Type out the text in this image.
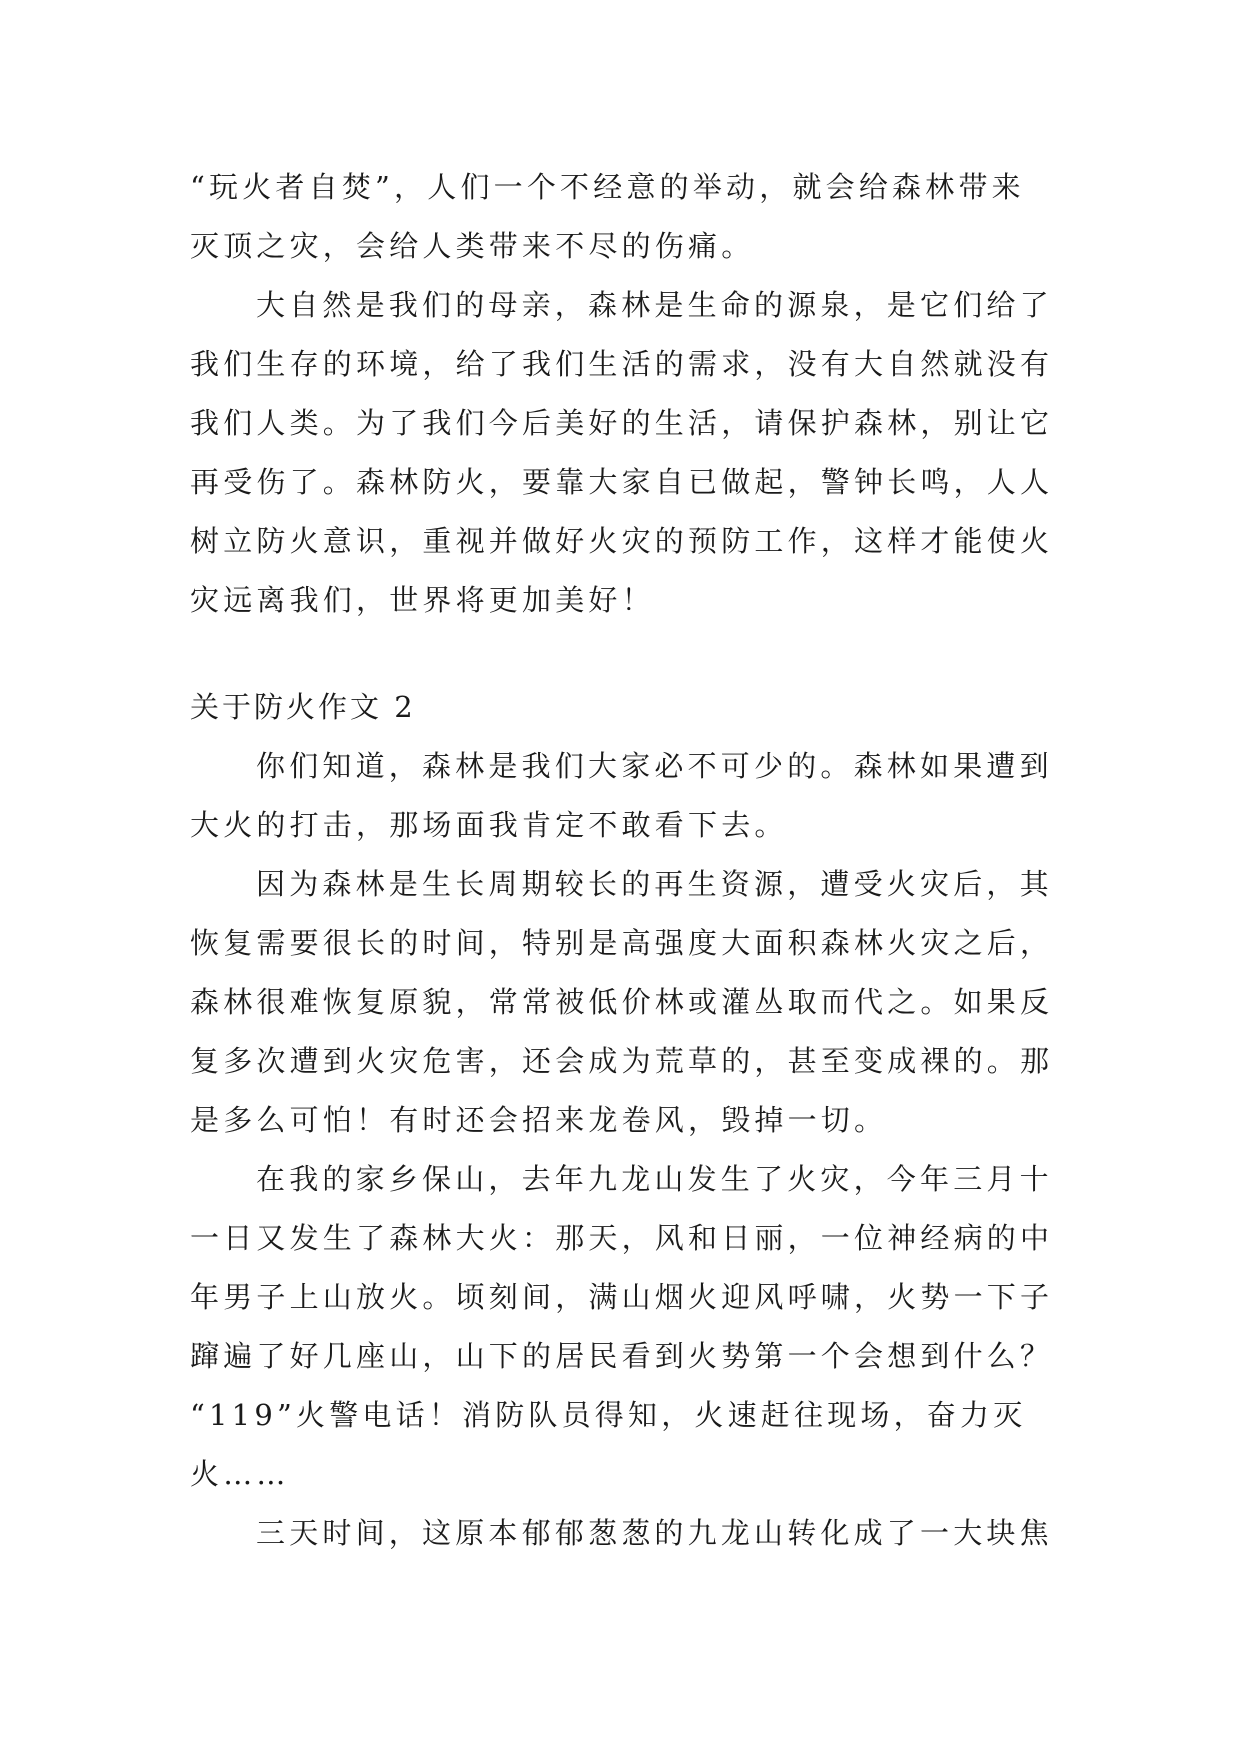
“玩火者自焚”，人们一个不经意的举动，就会给森林带来
灭顶之灾，会给人类带来不尽的伤痛。
大自然是我们的母亲，森林是生命的源泉，是它们给了
我们生存的环境，给了我们生活的需求，没有大自然就没有
我们人类。为了我们今后美好的生活，请保护森林，别让它
再受伤了。森林防火，要靠大家自已做起，警钟长鸣，人人
树立防火意识，重视并做好火灾的预防工作，这样才能使火
灾远离我们，世界将更加美好！
关于防火作文 2
你们知道，森林是我们大家必不可少的。森林如果遭到
大火的打击，那场面我肯定不敢看下去。
因为森林是生长周期较长的再生资源，遭受火灾后，其
恢复需要很长的时间，特别是高强度大面积森林火灾之后，
森林很难恢复原貌，常常被低价林或灌丛取而代之。如果反
复多次遭到火灾危害，还会成为荒草的，甚至变成裸的。那
是多么可怕！有时还会招来龙卷风，毁掉一切。
在我的家乡保山，去年九龙山发生了火灾，今年三月十
一日又发生了森林大火：那天，风和日丽，一位神经病的中
年男子上山放火。顷刻间，满山烟火迎风呼啸，火势一下子
蹿遍了好几座山，山下的居民看到火势第一个会想到什么？
“119”火警电话！消防队员得知，火速赶往现场，奋力灭
火……
三天时间，这原本郁郁葱葱的九龙山转化成了一大块焦
